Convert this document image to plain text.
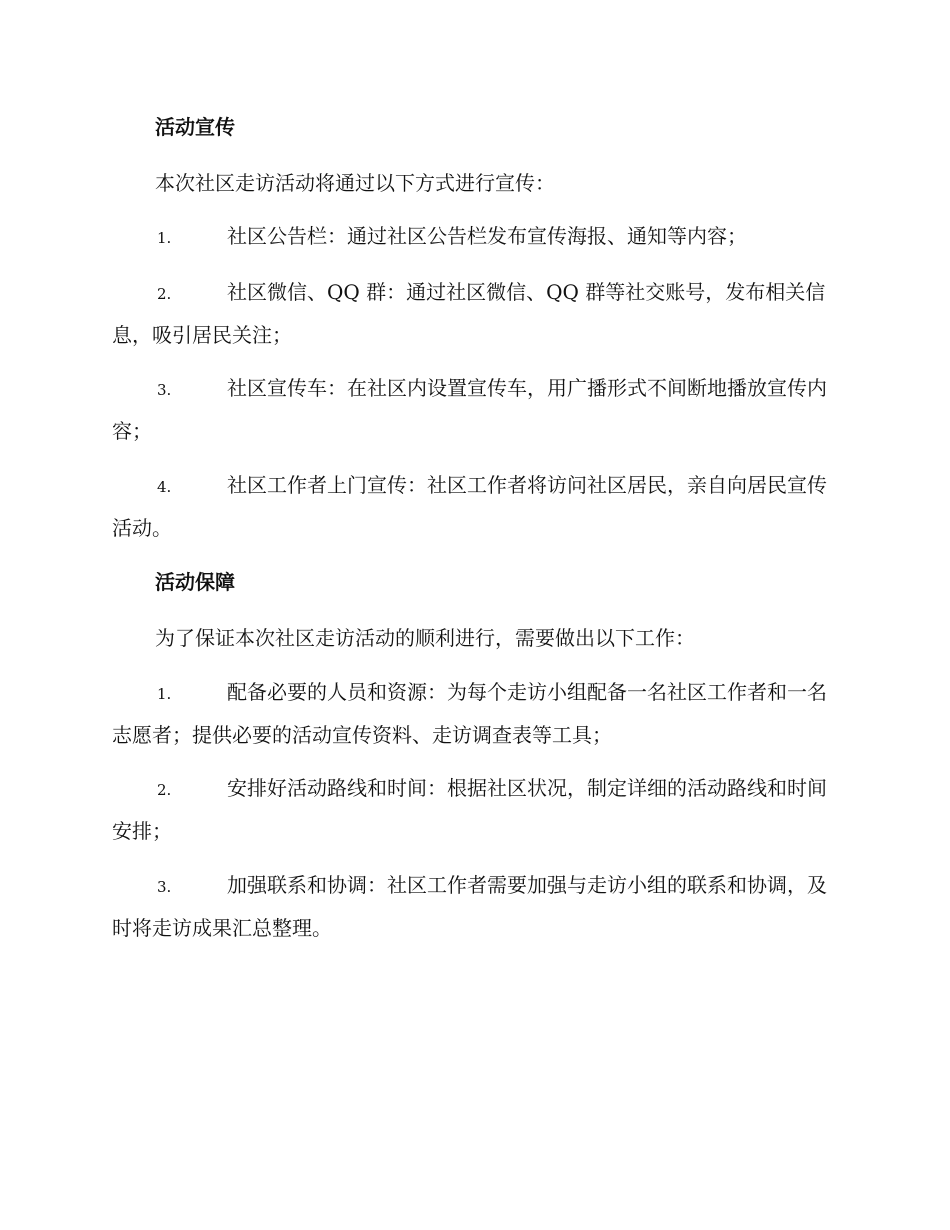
活动宣传
本次社区走访活动将通过以下方式进行宣传：
1.	社区公告栏：通过社区公告栏发布宣传海报、通知等内容；
2.	社区微信、QQ 群：通过社区微信、QQ 群等社交账号，发布相关信息，吸引居民关注；
3.	社区宣传车：在社区内设置宣传车，用广播形式不间断地播放宣传内容；
4.	社区工作者上门宣传：社区工作者将访问社区居民，亲自向居民宣传活动。
活动保障
为了保证本次社区走访活动的顺利进行，需要做出以下工作：
1.	配备必要的人员和资源：为每个走访小组配备一名社区工作者和一名志愿者；提供必要的活动宣传资料、走访调查表等工具；
2.	安排好活动路线和时间：根据社区状况，制定详细的活动路线和时间安排；
3.	加强联系和协调：社区工作者需要加强与走访小组的联系和协调，及时将走访成果汇总整理。
